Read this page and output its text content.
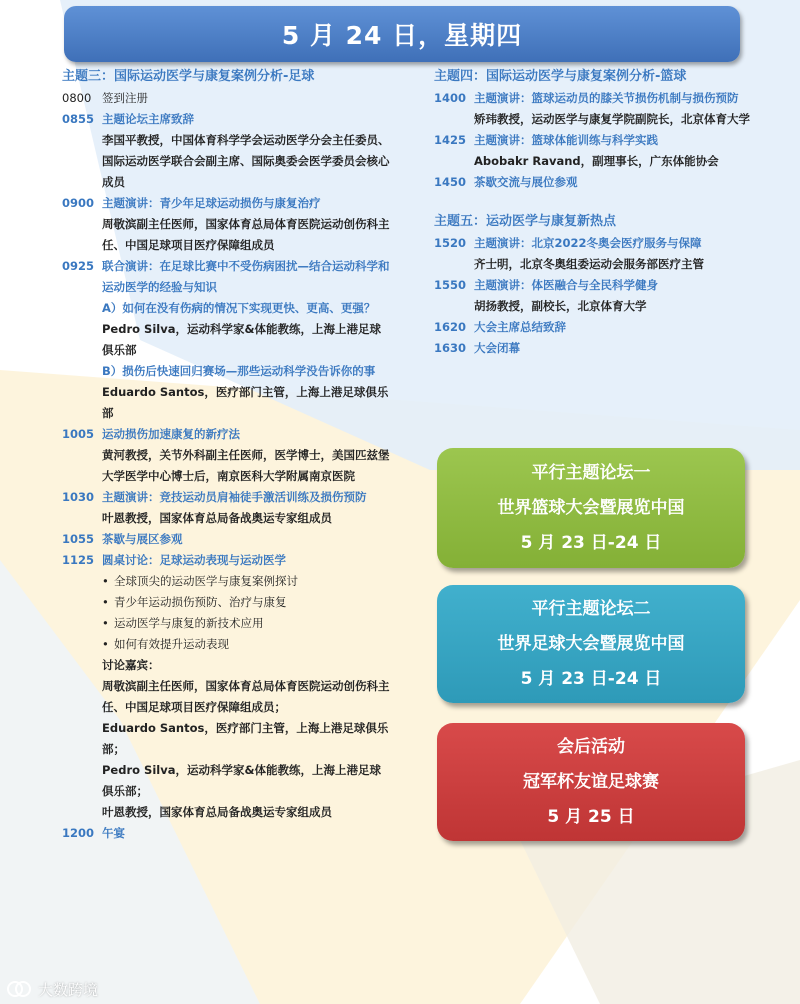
5 月 24 日，星期四
主题三：国际运动医学与康复案例分析-足球
0800 签到注册
0855 主题论坛主席致辞
李国平教授，中国体育科学学会运动医学分会主任委员、国际运动医学联合会副主席、国际奥委会医学委员会核心成员
0900 主题演讲：青少年足球运动损伤与康复治疗
周敬滨副主任医师，国家体育总局体育医院运动创伤科主任、中国足球项目医疗保障组成员
0925 联合演讲：在足球比赛中不受伤病困扰—结合运动科学和运动医学的经验与知识
A）如何在没有伤病的情况下实现更快、更高、更强？
Pedro Silva，运动科学家&体能教练，上海上港足球俱乐部
B）损伤后快速回归赛场—那些运动科学没告诉你的事
Eduardo Santos，医疗部门主管，上海上港足球俱乐部
1005 运动损伤加速康复的新疗法
黄河教授，关节外科副主任医师，医学博士，美国匹兹堡大学医学中心博士后，南京医科大学附属南京医院
1030 主题演讲：竞技运动员肩袖徒手激活训练及损伤预防
叶恩教授，国家体育总局备战奥运专家组成员
1055 茶歇与展区参观
1125 圆桌讨论：足球运动表现与运动医学
• 全球顶尖的运动医学与康复案例探讨
• 青少年运动损伤预防、治疗与康复
• 运动医学与康复的新技术应用
• 如何有效提升运动表现
讨论嘉宾：
周敬滨副主任医师，国家体育总局体育医院运动创伤科主任、中国足球项目医疗保障组成员；
Eduardo Santos，医疗部门主管，上海上港足球俱乐部；
Pedro Silva，运动科学家&体能教练，上海上港足球俱乐部；
叶恩教授，国家体育总局备战奥运专家组成员
1200 午宴
主题四：国际运动医学与康复案例分析-篮球
1400 主题演讲：篮球运动员的膝关节损伤机制与损伤预防
矫玮教授，运动医学与康复学院副院长，北京体育大学
1425 主题演讲：篮球体能训练与科学实践
Abobakr Ravand，副理事长，广东体能协会
1450 茶歇交流与展位参观
主题五：运动医学与康复新热点
1520 主题演讲：北京2022冬奥会医疗服务与保障
齐士明，北京冬奥组委运动会服务部医疗主管
1550 主题演讲：体医融合与全民科学健身
胡扬教授，副校长，北京体育大学
1620 大会主席总结致辞
1630 大会闭幕
平行主题论坛一
世界篮球大会暨展览中国
5 月 23 日-24 日
平行主题论坛二
世界足球大会暨展览中国
5 月 23 日-24 日
会后活动
冠军杯友谊足球赛
5 月 25 日
大数跨境
